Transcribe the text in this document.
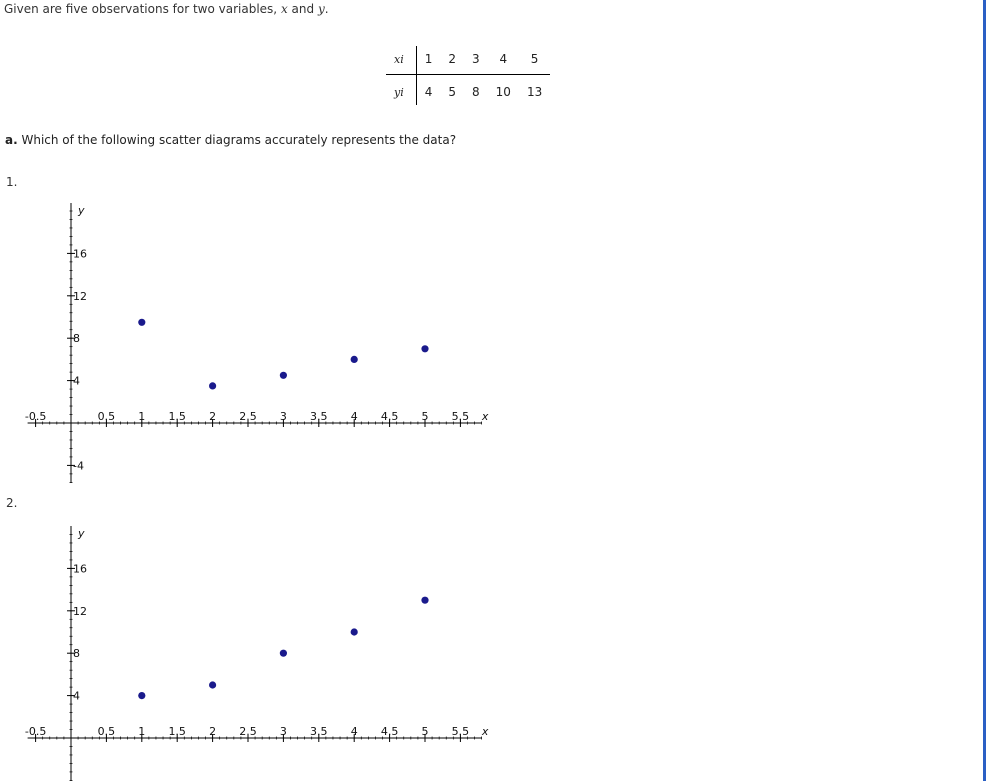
Given are five observations for two variables, x and y.
xi	1	2	3	4	5
yi	4	5	8	10	13
a. Which of the following scatter diagrams accurately represents the data?
1.
-0.5	0.5 1 1.5 2 2.5 3 3.5 4 4.5 5 5.5 x
16
12
8
4
-4
y
2.
-0.5	0.5 1 1.5 2 2.5 3 3.5 4 4.5 5 5.5 x
16
12
8
4
y
